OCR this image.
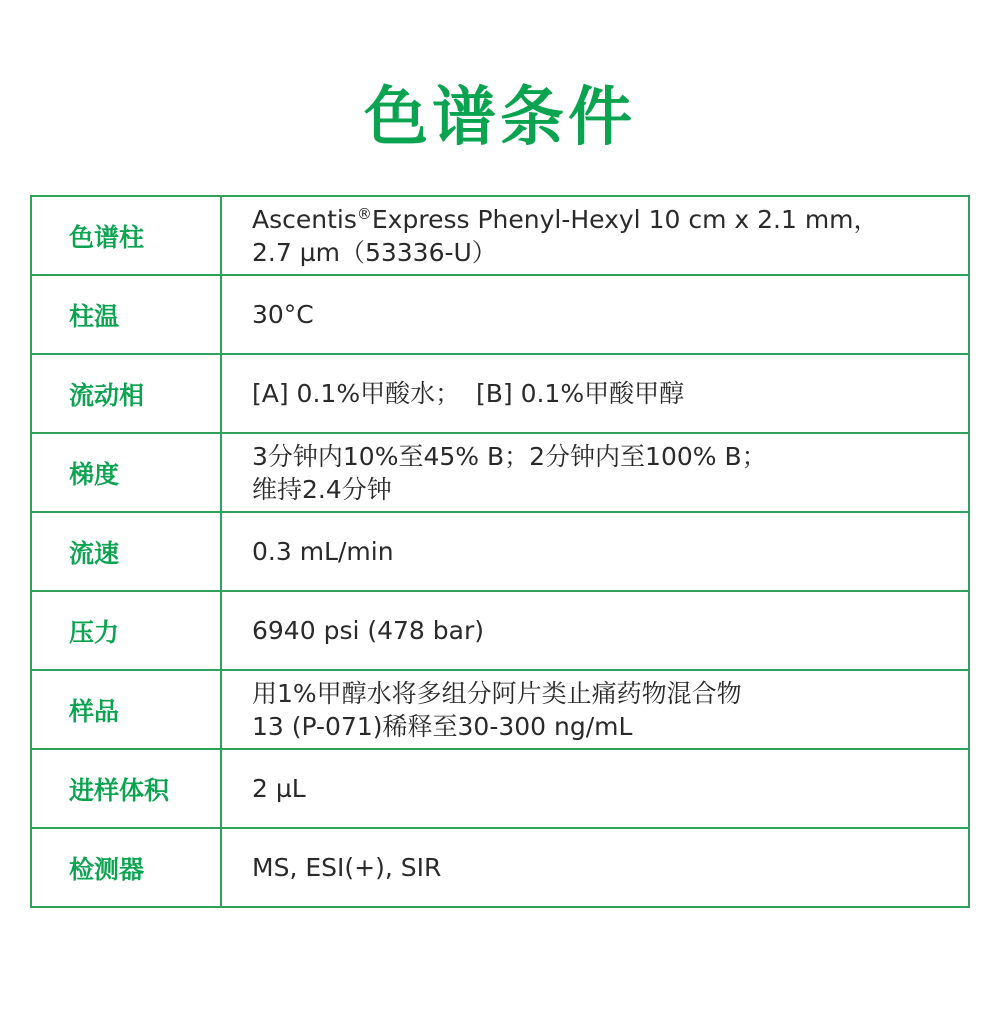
色谱条件
色谱柱	Ascentis®Express Phenyl-Hexyl 10 cm x 2.1 mm，
2.7 µm（53336-U）

柱温	30°C

流动相	[A] 0.1%甲酸水；  [B] 0.1%甲酸甲醇

梯度	3分钟内10%至45% B；2分钟内至100% B；
维持2.4分钟

流速	0.3 mL/min

压力	6940 psi (478 bar)

样品	用1%甲醇水将多组分阿片类止痛药物混合物
13 (P-071)稀释至30-300 ng/mL

进样体积	2 µL

检测器	MS, ESI(+), SIR
